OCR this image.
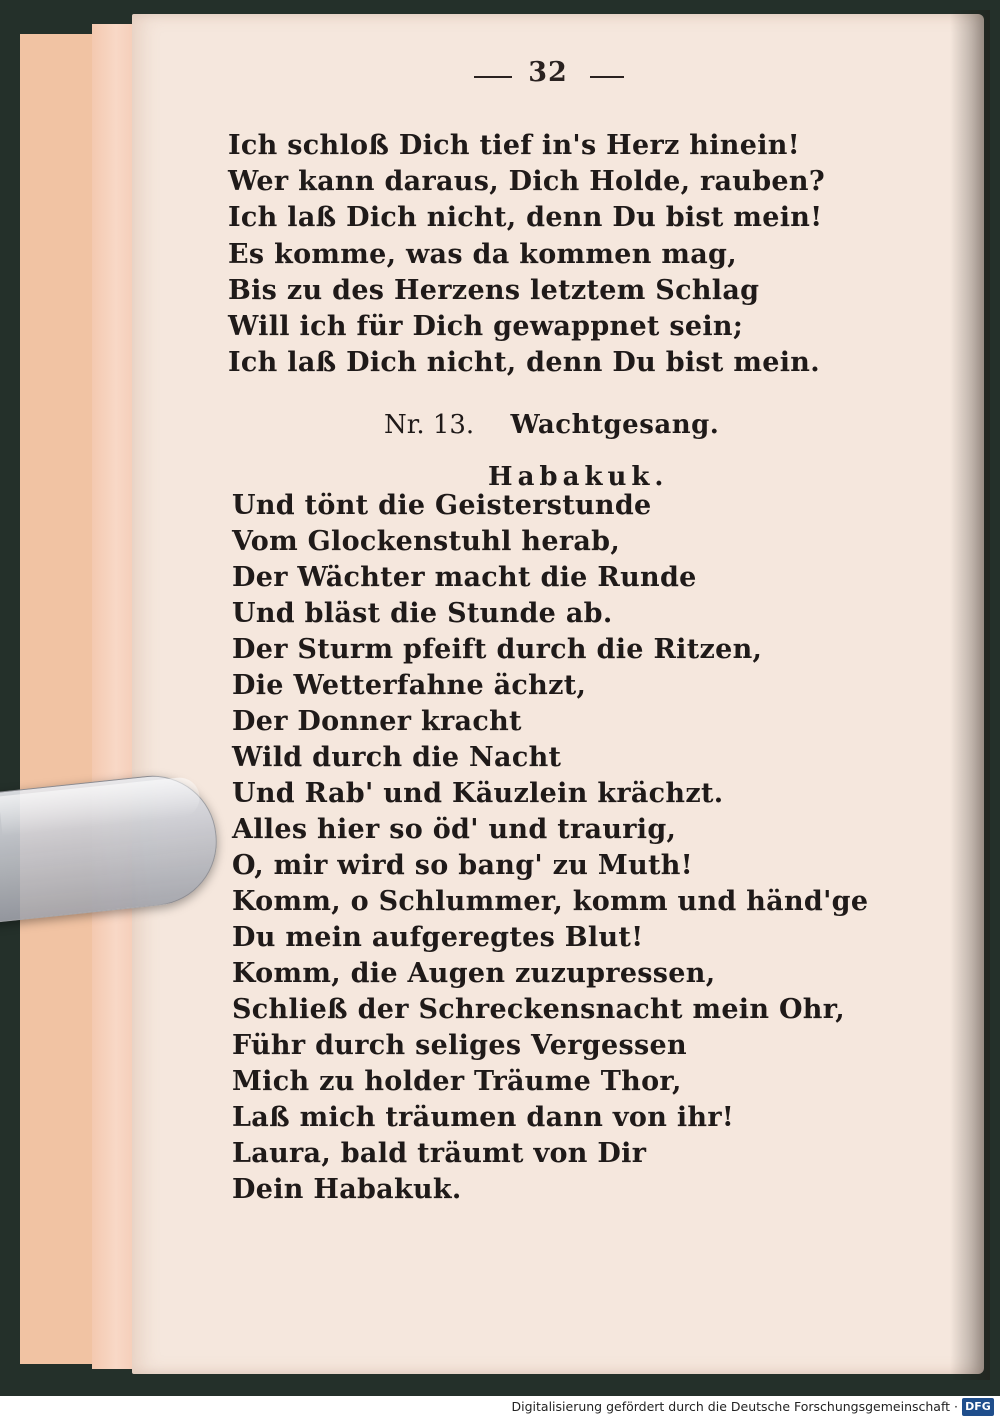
32
Ich schloß Dich tief in's Herz hinein!
Wer kann daraus, Dich Holde, rauben?
Ich laß Dich nicht, denn Du bist mein!
Es komme, was da kommen mag,
Bis zu des Herzens letztem Schlag
Will ich für Dich gewappnet sein;
Ich laß Dich nicht, denn Du bist mein.
Nr. 13. Wachtgesang.
Habakuk.
Und tönt die Geisterstunde
Vom Glockenstuhl herab,
Der Wächter macht die Runde
Und bläst die Stunde ab.
Der Sturm pfeift durch die Ritzen,
Die Wetterfahne ächzt,
Der Donner kracht
Wild durch die Nacht
Und Rab' und Käuzlein krächzt.
Alles hier so öd' und traurig,
O, mir wird so bang' zu Muth!
Komm, o Schlummer, komm und händ'ge
Du mein aufgeregtes Blut!
Komm, die Augen zuzupressen,
Schließ der Schreckensnacht mein Ohr,
Führ durch seliges Vergessen
Mich zu holder Träume Thor,
Laß mich träumen dann von ihr!
Laura, bald träumt von Dir
Dein Habakuk.
Digitalisierung gefördert durch die Deutsche Forschungsgemeinschaft · DFG
